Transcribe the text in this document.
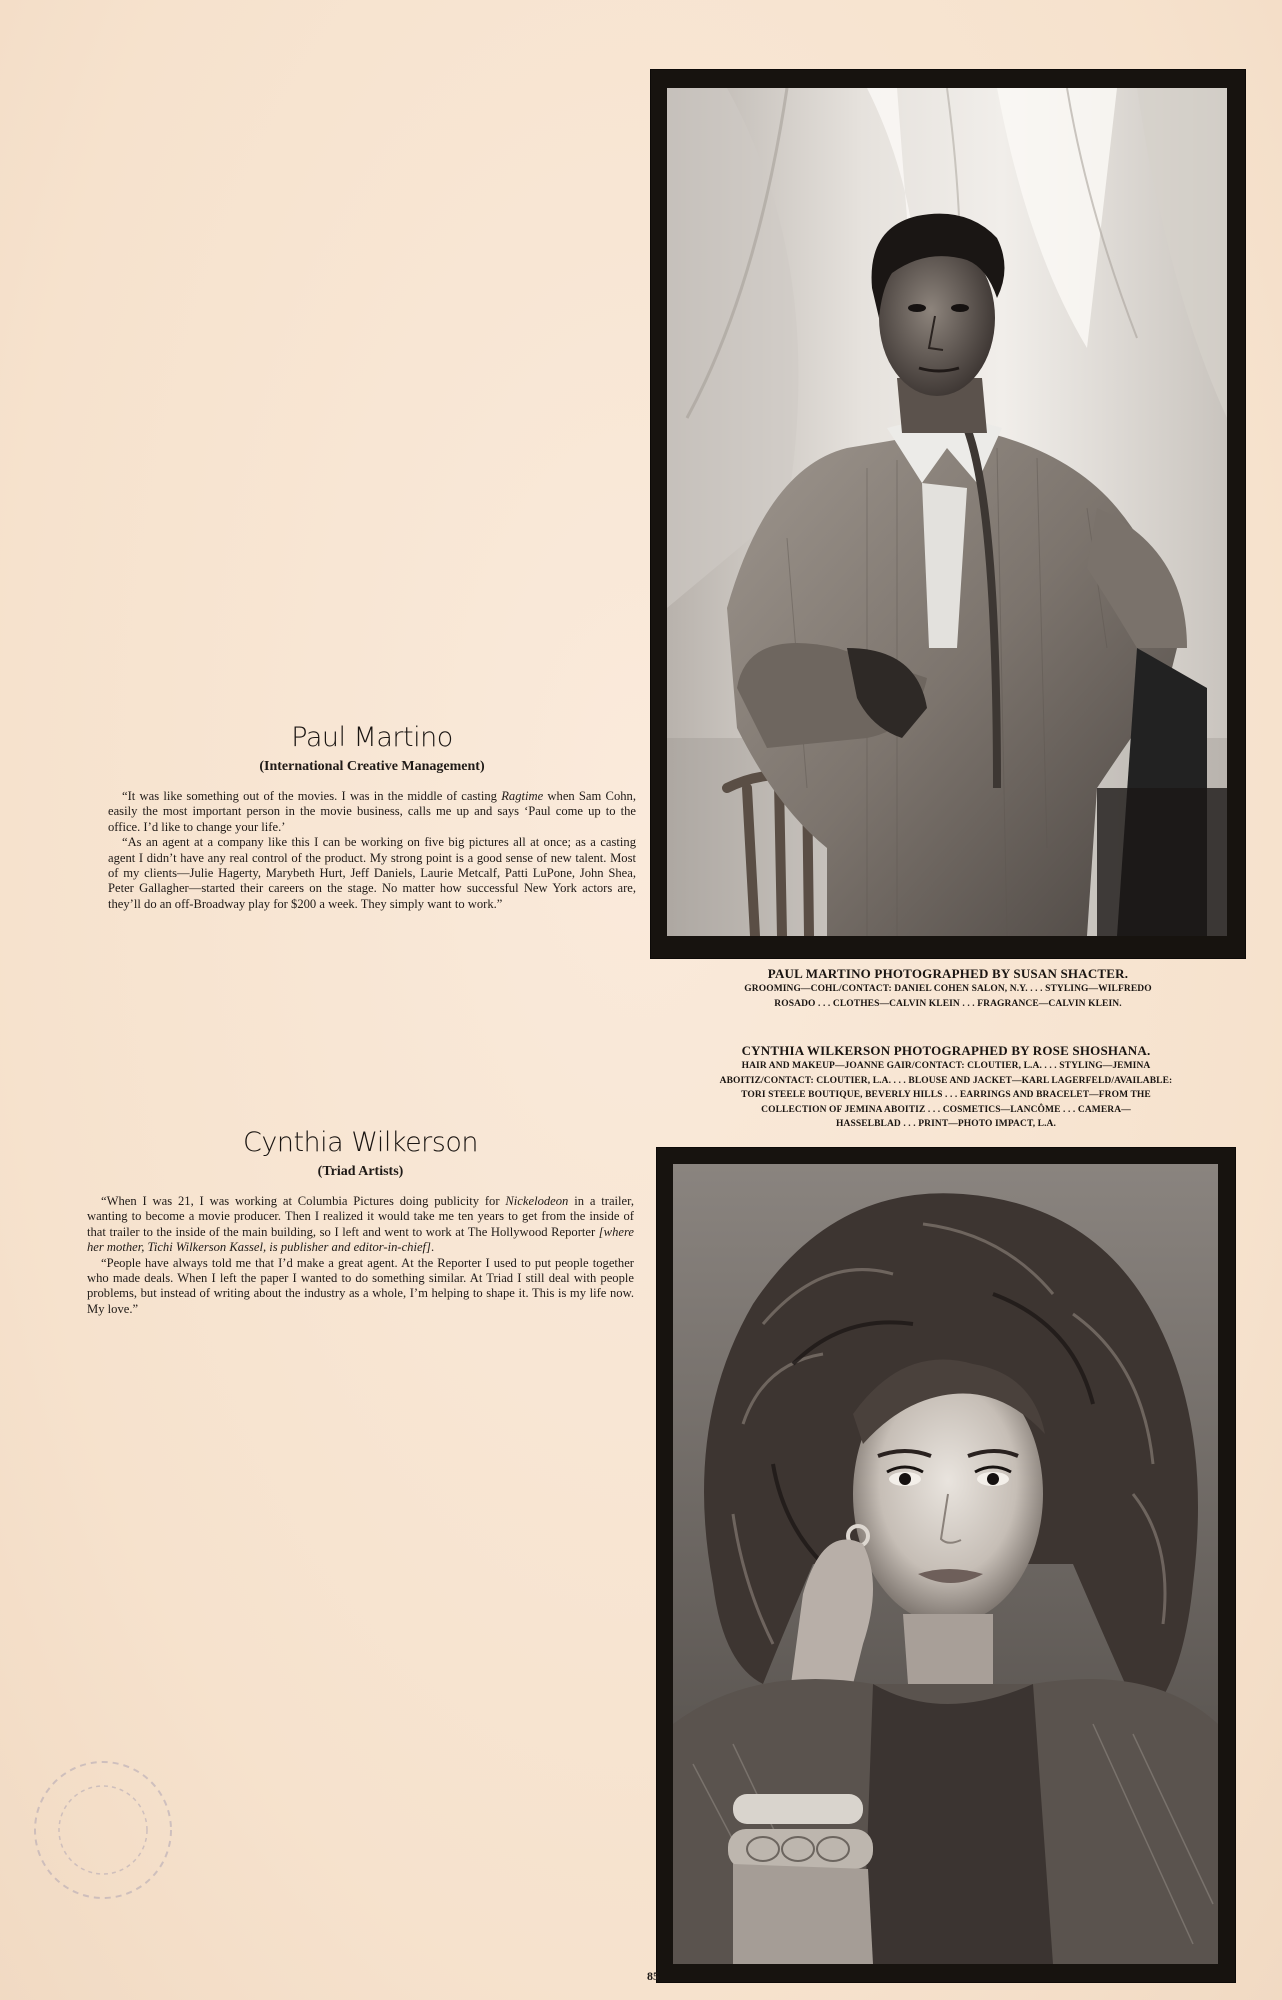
Paul Martino
(International Creative Management)

“It was like something out of the movies. I was in the middle of casting Ragtime when Sam Cohn, easily the most important person in the movie business, calls me up and says ‘Paul come up to the office. I’d like to change your life.’

“As an agent at a company like this I can be working on five big pictures all at once; as a casting agent I didn’t have any real control of the product. My strong point is a good sense of new talent. Most of my clients—Julie Hagerty, Marybeth Hurt, Jeff Daniels, Laurie Metcalf, Patti LuPone, John Shea, Peter Gallagher—started their careers on the stage. No matter how successful New York actors are, they’ll do an off-Broadway play for $200 a week. They simply want to work.”

PAUL MARTINO PHOTOGRAPHED BY SUSAN SHACTER.
GROOMING—COHL/CONTACT: DANIEL COHEN SALON, N.Y. . . . STYLING—WILFREDO
ROSADO . . . CLOTHES—CALVIN KLEIN . . . FRAGRANCE—CALVIN KLEIN.
CYNTHIA WILKERSON PHOTOGRAPHED BY ROSE SHOSHANA.
HAIR AND MAKEUP—JOANNE GAIR/CONTACT: CLOUTIER, L.A. . . . STYLING—JEMINA
ABOITIZ/CONTACT: CLOUTIER, L.A. . . . BLOUSE AND JACKET—KARL LAGERFELD/AVAILABLE:
TORI STEELE BOUTIQUE, BEVERLY HILLS . . . EARRINGS AND BRACELET—FROM THE
COLLECTION OF JEMINA ABOITIZ . . . COSMETICS—LANCÔME . . . CAMERA—
HASSELBLAD . . . PRINT—PHOTO IMPACT, L.A.
Cynthia Wilkerson
(Triad Artists)

“When I was 21, I was working at Columbia Pictures doing publicity for Nickelodeon in a trailer, wanting to become a movie producer. Then I realized it would take me ten years to get from the inside of that trailer to the inside of the main building, so I left and went to work at The Hollywood Reporter [where her mother, Tichi Wilkerson Kassel, is publisher and editor-in-chief].

“People have always told me that I’d make a great agent. At the Reporter I used to put people together who made deals. When I left the paper I wanted to do something similar. At Triad I still deal with people problems, but instead of writing about the industry as a whole, I’m helping to shape it. This is my life now. My love.”

85
